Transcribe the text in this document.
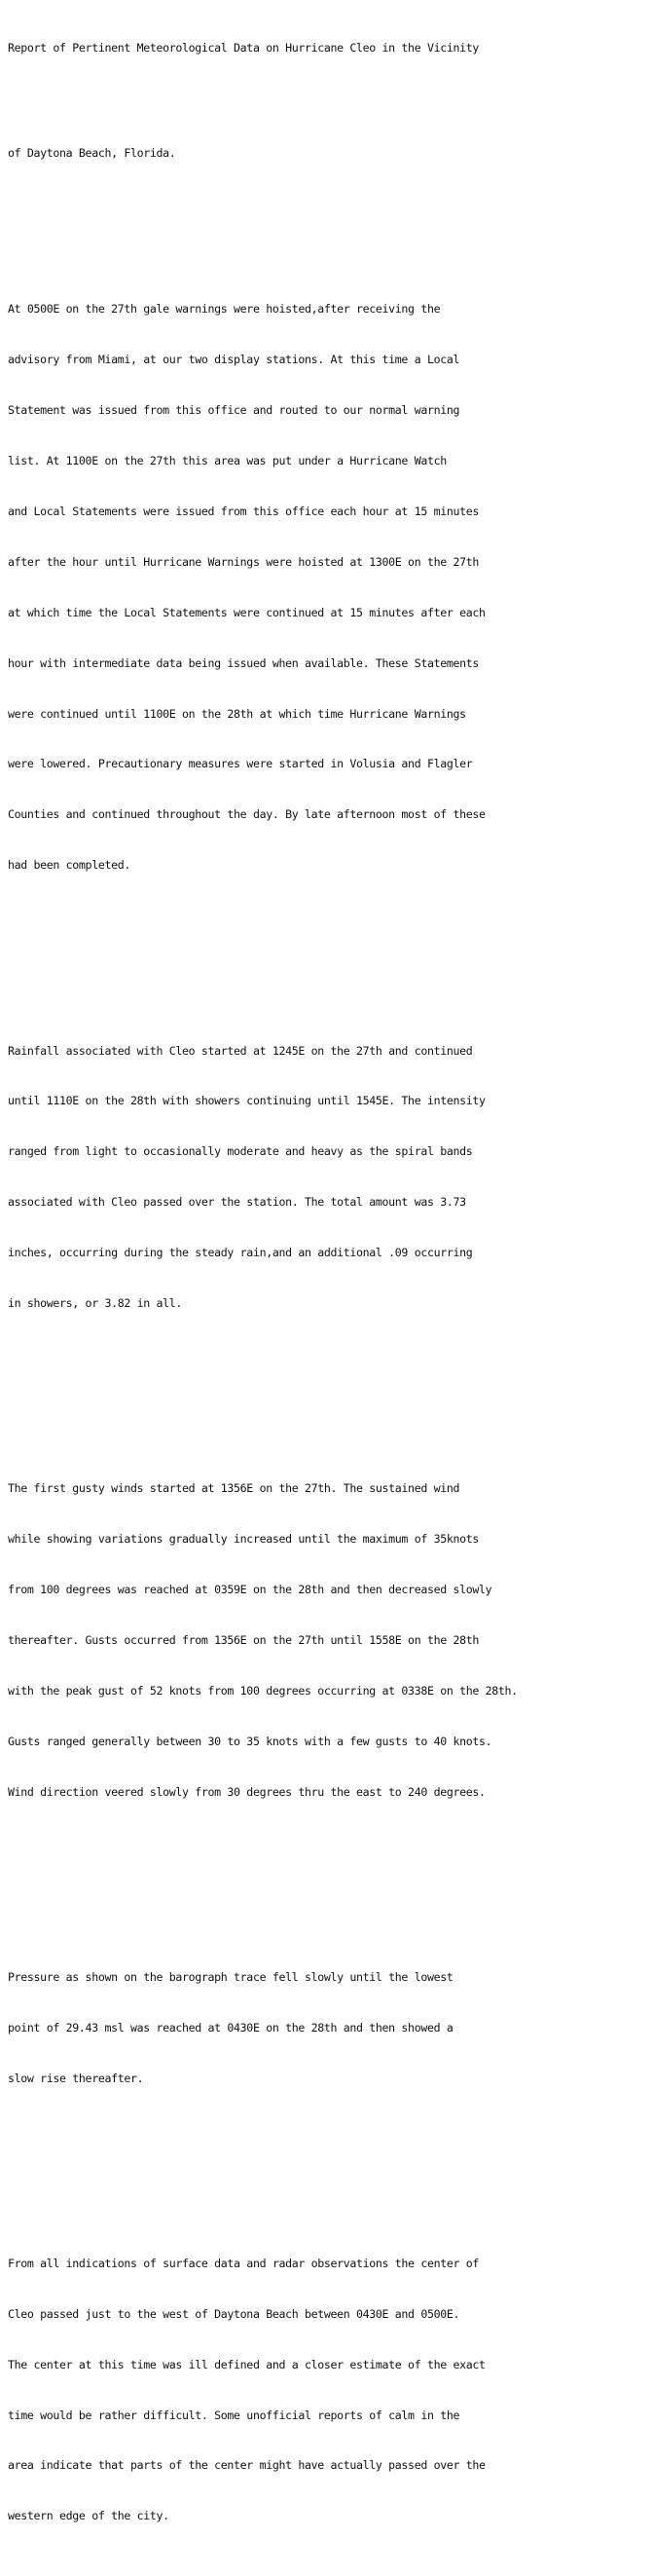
Report of Pertinent Meteorological Data on Hurricane Cleo in the Vicinity

of Daytona Beach, Florida.

At 0500E on the 27th gale warnings were hoisted,after receiving the

advisory from Miami, at our two display stations. At this time a Local

Statement was issued from this office and routed to our normal warning

list. At 1100E on the 27th this area was put under a Hurricane Watch

and Local Statements were issued from this office each hour at 15 minutes

after the hour until Hurricane Warnings were hoisted at 1300E on the 27th

at which time the Local Statements were continued at 15 minutes after each

hour with intermediate data being issued when available. These Statements

were continued until 1100E on the 28th at which time Hurricane Warnings

were lowered. Precautionary measures were started in Volusia and Flagler

Counties and continued throughout the day. By late afternoon most of these

had been completed.

Rainfall associated with Cleo started at 1245E on the 27th and continued

until 1110E on the 28th with showers continuing until 1545E. The intensity

ranged from light to occasionally moderate and heavy as the spiral bands

associated with Cleo passed over the station. The total amount was 3.73

inches, occurring during the steady rain,and an additional .09 occurring

in showers, or 3.82 in all.

The first gusty winds started at 1356E on the 27th. The sustained wind

while showing variations gradually increased until the maximum of 35knots

from 100 degrees was reached at 0359E on the 28th and then decreased slowly

thereafter. Gusts occurred from 1356E on the 27th until 1558E on the 28th

with the peak gust of 52 knots from 100 degrees occurring at 0338E on the 28th.

Gusts ranged generally between 30 to 35 knots with a few gusts to 40 knots.

Wind direction veered slowly from 30 degrees thru the east to 240 degrees.

Pressure as shown on the barograph trace fell slowly until the lowest

point of 29.43 msl was reached at 0430E on the 28th and then showed a

slow rise thereafter.

From all indications of surface data and radar observations the center of

Cleo passed just to the west of Daytona Beach between 0430E and 0500E.

The center at this time was ill defined and a closer estimate of the exact

time would be rather difficult. Some unofficial reports of calm in the

area indicate that parts of the center might have actually passed over the

western edge of the city.
